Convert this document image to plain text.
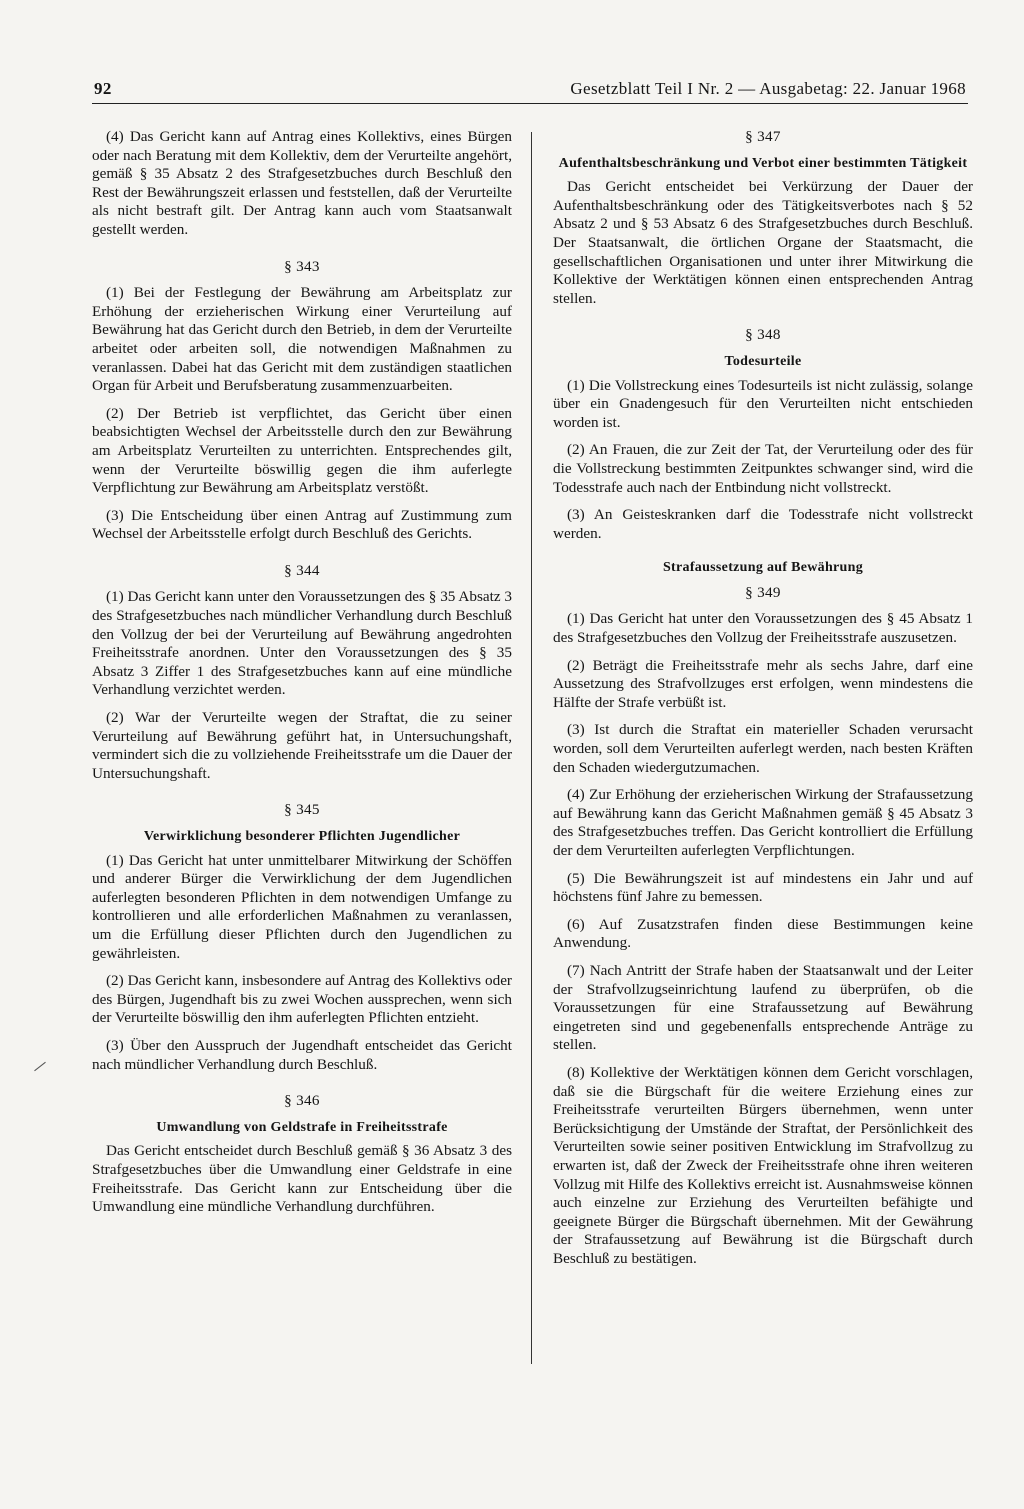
92	Gesetzblatt Teil I Nr. 2 — Ausgabetag: 22. Januar 1968

(4) Das Gericht kann auf Antrag eines Kollektivs, eines Bürgen oder nach Beratung mit dem Kollektiv, dem der Verurteilte angehört, gemäß § 35 Absatz 2 des Strafgesetzbuches durch Beschluß den Rest der Bewährungszeit erlassen und feststellen, daß der Verurteilte als nicht bestraft gilt. Der Antrag kann auch vom Staatsanwalt gestellt werden.

§ 343

(1) Bei der Festlegung der Bewährung am Arbeitsplatz zur Erhöhung der erzieherischen Wirkung einer Verurteilung auf Bewährung hat das Gericht durch den Betrieb, in dem der Verurteilte arbeitet oder arbeiten soll, die notwendigen Maßnahmen zu veranlassen. Dabei hat das Gericht mit dem zuständigen staatlichen Organ für Arbeit und Berufsberatung zusammenzuarbeiten.

(2) Der Betrieb ist verpflichtet, das Gericht über einen beabsichtigten Wechsel der Arbeitsstelle durch den zur Bewährung am Arbeitsplatz Verurteilten zu unterrichten. Entsprechendes gilt, wenn der Verurteilte böswillig gegen die ihm auferlegte Verpflichtung zur Bewährung am Arbeitsplatz verstößt.

(3) Die Entscheidung über einen Antrag auf Zustimmung zum Wechsel der Arbeitsstelle erfolgt durch Beschluß des Gerichts.

§ 344

(1) Das Gericht kann unter den Voraussetzungen des § 35 Absatz 3 des Strafgesetzbuches nach mündlicher Verhandlung durch Beschluß den Vollzug der bei der Verurteilung auf Bewährung angedrohten Freiheitsstrafe anordnen. Unter den Voraussetzungen des § 35 Absatz 3 Ziffer 1 des Strafgesetzbuches kann auf eine mündliche Verhandlung verzichtet werden.

(2) War der Verurteilte wegen der Straftat, die zu seiner Verurteilung auf Bewährung geführt hat, in Untersuchungshaft, vermindert sich die zu vollziehende Freiheitsstrafe um die Dauer der Untersuchungshaft.

§ 345

Verwirklichung besonderer Pflichten Jugendlicher

(1) Das Gericht hat unter unmittelbarer Mitwirkung der Schöffen und anderer Bürger die Verwirklichung der dem Jugendlichen auferlegten besonderen Pflichten in dem notwendigen Umfange zu kontrollieren und alle erforderlichen Maßnahmen zu veranlassen, um die Erfüllung dieser Pflichten durch den Jugendlichen zu gewährleisten.

(2) Das Gericht kann, insbesondere auf Antrag des Kollektivs oder des Bürgen, Jugendhaft bis zu zwei Wochen aussprechen, wenn sich der Verurteilte böswillig den ihm auferlegten Pflichten entzieht.

(3) Über den Ausspruch der Jugendhaft entscheidet das Gericht nach mündlicher Verhandlung durch Beschluß.

§ 346

Umwandlung von Geldstrafe in Freiheitsstrafe

Das Gericht entscheidet durch Beschluß gemäß § 36 Absatz 3 des Strafgesetzbuches über die Umwandlung einer Geldstrafe in eine Freiheitsstrafe. Das Gericht kann zur Entscheidung über die Umwandlung eine mündliche Verhandlung durchführen.

§ 347

Aufenthaltsbeschränkung und Verbot einer bestimmten Tätigkeit

Das Gericht entscheidet bei Verkürzung der Dauer der Aufenthaltsbeschränkung oder des Tätigkeitsverbotes nach § 52 Absatz 2 und § 53 Absatz 6 des Strafgesetzbuches durch Beschluß. Der Staatsanwalt, die örtlichen Organe der Staatsmacht, die gesellschaftlichen Organisationen und unter ihrer Mitwirkung die Kollektive der Werktätigen können einen entsprechenden Antrag stellen.

§ 348

Todesurteile

(1) Die Vollstreckung eines Todesurteils ist nicht zulässig, solange über ein Gnadengesuch für den Verurteilten nicht entschieden worden ist.

(2) An Frauen, die zur Zeit der Tat, der Verurteilung oder des für die Vollstreckung bestimmten Zeitpunktes schwanger sind, wird die Todesstrafe auch nach der Entbindung nicht vollstreckt.

(3) An Geisteskranken darf die Todesstrafe nicht vollstreckt werden.

Strafaussetzung auf Bewährung

§ 349

(1) Das Gericht hat unter den Voraussetzungen des § 45 Absatz 1 des Strafgesetzbuches den Vollzug der Freiheitsstrafe auszusetzen.

(2) Beträgt die Freiheitsstrafe mehr als sechs Jahre, darf eine Aussetzung des Strafvollzuges erst erfolgen, wenn mindestens die Hälfte der Strafe verbüßt ist.

(3) Ist durch die Straftat ein materieller Schaden verursacht worden, soll dem Verurteilten auferlegt werden, nach besten Kräften den Schaden wiedergutzumachen.

(4) Zur Erhöhung der erzieherischen Wirkung der Strafaussetzung auf Bewährung kann das Gericht Maßnahmen gemäß § 45 Absatz 3 des Strafgesetzbuches treffen. Das Gericht kontrolliert die Erfüllung der dem Verurteilten auferlegten Verpflichtungen.

(5) Die Bewährungszeit ist auf mindestens ein Jahr und auf höchstens fünf Jahre zu bemessen.

(6) Auf Zusatzstrafen finden diese Bestimmungen keine Anwendung.

(7) Nach Antritt der Strafe haben der Staatsanwalt und der Leiter der Strafvollzugseinrichtung laufend zu überprüfen, ob die Voraussetzungen für eine Strafaussetzung auf Bewährung eingetreten sind und gegebenenfalls entsprechende Anträge zu stellen.

(8) Kollektive der Werktätigen können dem Gericht vorschlagen, daß sie die Bürgschaft für die weitere Erziehung eines zur Freiheitsstrafe verurteilten Bürgers übernehmen, wenn unter Berücksichtigung der Umstände der Straftat, der Persönlichkeit des Verurteilten sowie seiner positiven Entwicklung im Strafvollzug zu erwarten ist, daß der Zweck der Freiheitsstrafe ohne ihren weiteren Vollzug mit Hilfe des Kollektivs erreicht ist. Ausnahmsweise können auch einzelne zur Erziehung des Verurteilten befähigte und geeignete Bürger die Bürgschaft übernehmen. Mit der Gewährung der Strafaussetzung auf Bewährung ist die Bürgschaft durch Beschluß zu bestätigen.
